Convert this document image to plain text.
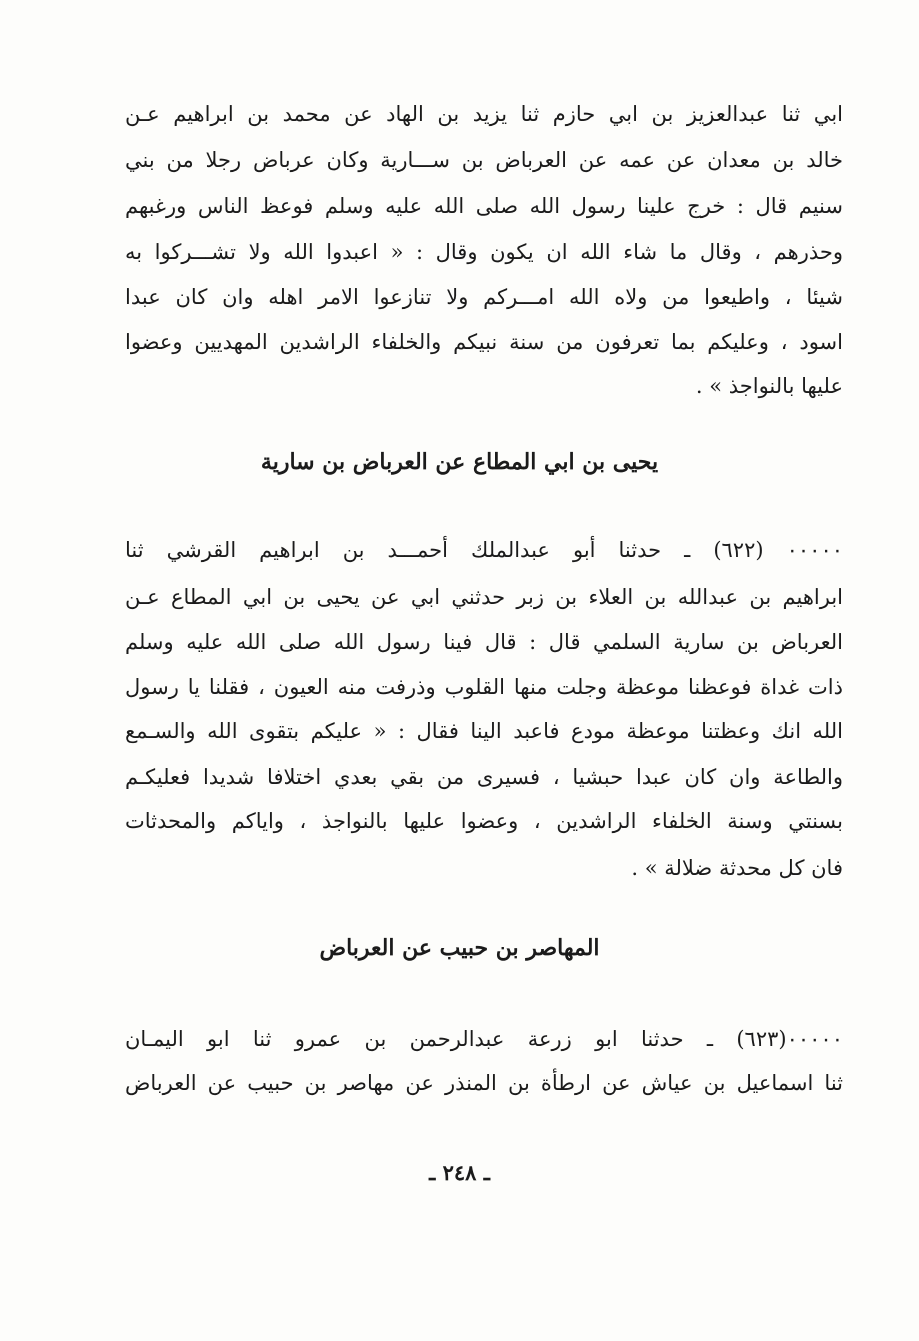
ابي ثنا عبدالعزيز بن ابي حازم ثنا يزيد بن الهاد عن محمد بن ابراهيم عـن
خالد بن معدان عن عمه عن العرباض بن ســـارية وكان عرباض رجلا من بني
سنيم قال : خرج علينا رسول الله صلى الله عليه وسلم فوعظ الناس ورغبهم
وحذرهم ، وقال ما شاء الله ان يكون وقال : « اعبدوا الله ولا تشـــركوا به
شيئا ، واطيعوا من ولاه الله امـــركم ولا تنازعوا الامر اهله وان كان عبدا
اسود ، وعليكم بما تعرفون من سنة نبيكم والخلفاء الراشدين المهديين وعضوا
عليها بالنواجذ » .
يحيى بن ابي المطاع عن العرباض بن سارية
٠٠٠٠٠ (٦٢٢) ـ حدثنا أبو عبدالملك أحمـــد بن ابراهيم القرشي ثنا
ابراهيم بن عبدالله بن العلاء بن زبر حدثني ابي عن يحيى بن ابي المطاع عـن
العرباض بن سارية السلمي قال : قال فينا رسول الله صلى الله عليه وسلم
ذات غداة فوعظنا موعظة وجلت منها القلوب وذرفت منه العيون ، فقلنا يا رسول
الله انك وعظتنا موعظة مودع فاعبد الينا فقال : « عليكم بتقوى الله والسـمع
والطاعة وان كان عبدا حبشيا ، فسيرى من بقي بعدي اختلافا شديدا فعليكـم
بسنتي وسنة الخلفاء الراشدين ، وعضوا عليها بالنواجذ ، واياكم والمحدثات
فان كل محدثة ضلالة » .
المهاصر بن حبيب عن العرباض
٠٠٠٠٠(٦٢٣) ـ حدثنا ابو زرعة عبدالرحمن بن عمرو ثنا ابو اليمـان
ثنا اسماعيل بن عياش عن ارطأة بن المنذر عن مهاصر بن حبيب عن العرباض
ـ ٢٤٨ ـ
